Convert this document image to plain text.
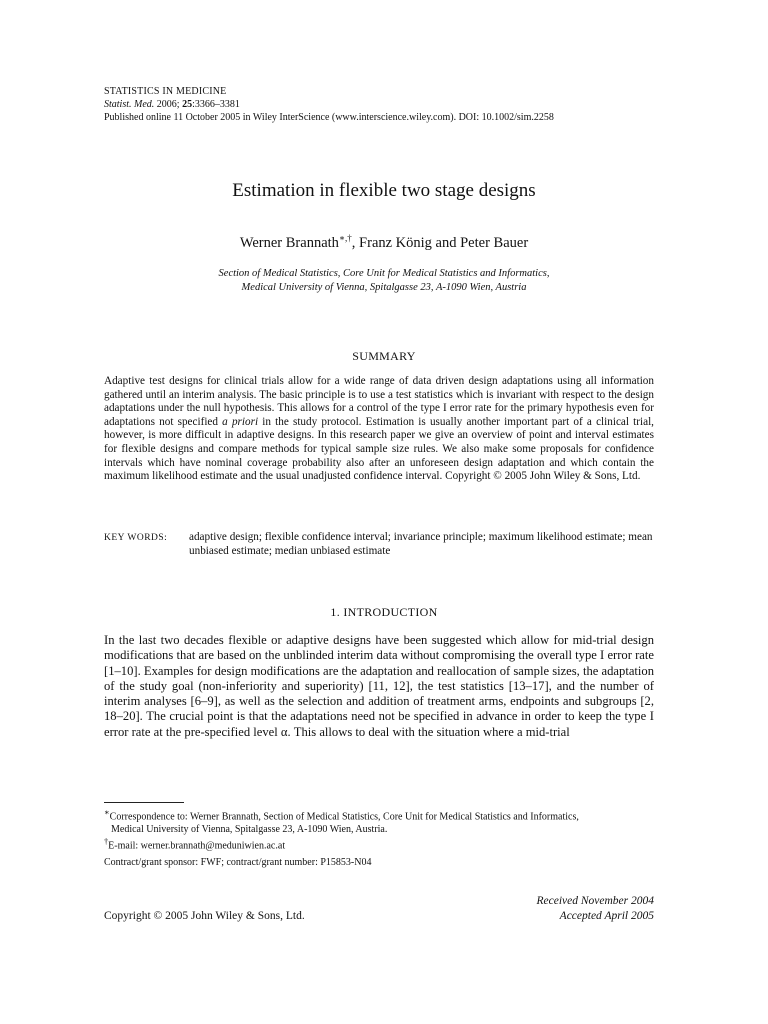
STATISTICS IN MEDICINE
Statist. Med. 2006; 25:3366–3381
Published online 11 October 2005 in Wiley InterScience (www.interscience.wiley.com). DOI: 10.1002/sim.2258
Estimation in flexible two stage designs
Werner Brannath∗,†, Franz König and Peter Bauer
Section of Medical Statistics, Core Unit for Medical Statistics and Informatics,
Medical University of Vienna, Spitalgasse 23, A-1090 Wien, Austria
SUMMARY

Adaptive test designs for clinical trials allow for a wide range of data driven design adaptations using all information gathered until an interim analysis. The basic principle is to use a test statistics which is invariant with respect to the design adaptations under the null hypothesis. This allows for a control of the type I error rate for the primary hypothesis even for adaptations not specified a priori in the study protocol. Estimation is usually another important part of a clinical trial, however, is more difficult in adaptive designs. In this research paper we give an overview of point and interval estimates for flexible designs and compare methods for typical sample size rules. We also make some proposals for confidence intervals which have nominal coverage probability also after an unforeseen design adaptation and which contain the maximum likelihood estimate and the usual unadjusted confidence interval. Copyright © 2005 John Wiley & Sons, Ltd.

KEY WORDS:	adaptive design; flexible confidence interval; invariance principle; maximum likelihood estimate; mean unbiased estimate; median unbiased estimate
1. INTRODUCTION

In the last two decades flexible or adaptive designs have been suggested which allow for mid-trial design modifications that are based on the unblinded interim data without compromising the overall type I error rate [1–10]. Examples for design modifications are the adaptation and reallocation of sample sizes, the adaptation of the study goal (non-inferiority and superiority) [11, 12], the test statistics [13–17], and the number of interim analyses [6–9], as well as the selection and addition of treatment arms, endpoints and subgroups [2, 18–20]. The crucial point is that the adaptations need not be specified in advance in order to keep the type I error rate at the pre-specified level α. This allows to deal with the situation where a mid-trial

∗Correspondence to: Werner Brannath, Section of Medical Statistics, Core Unit for Medical Statistics and Informatics,
Medical University of Vienna, Spitalgasse 23, A-1090 Wien, Austria.
†E-mail: werner.brannath@meduniwien.ac.at
Contract/grant sponsor: FWF; contract/grant number: P15853-N04
Received November 2004
Accepted April 2005
Copyright © 2005 John Wiley & Sons, Ltd.
